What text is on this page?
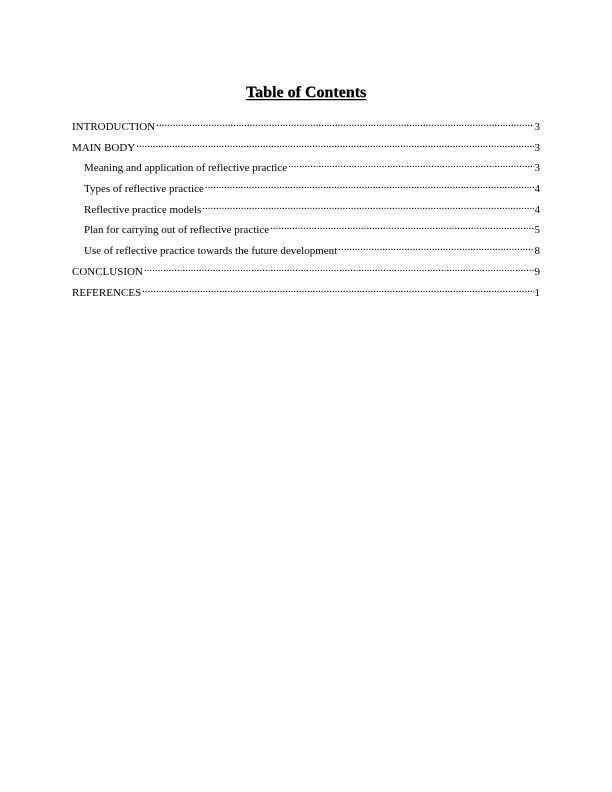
Table of Contents
INTRODUCTION .....	3
MAIN BODY .....	3
Meaning and application of reflective practice .....	3
Types of reflective practice .....	4
Reflective practice models .....	4
Plan for carrying out of reflective practice .....	5
Use of reflective practice towards the future development .....	8
CONCLUSION .....	9
REFERENCES .....	1
